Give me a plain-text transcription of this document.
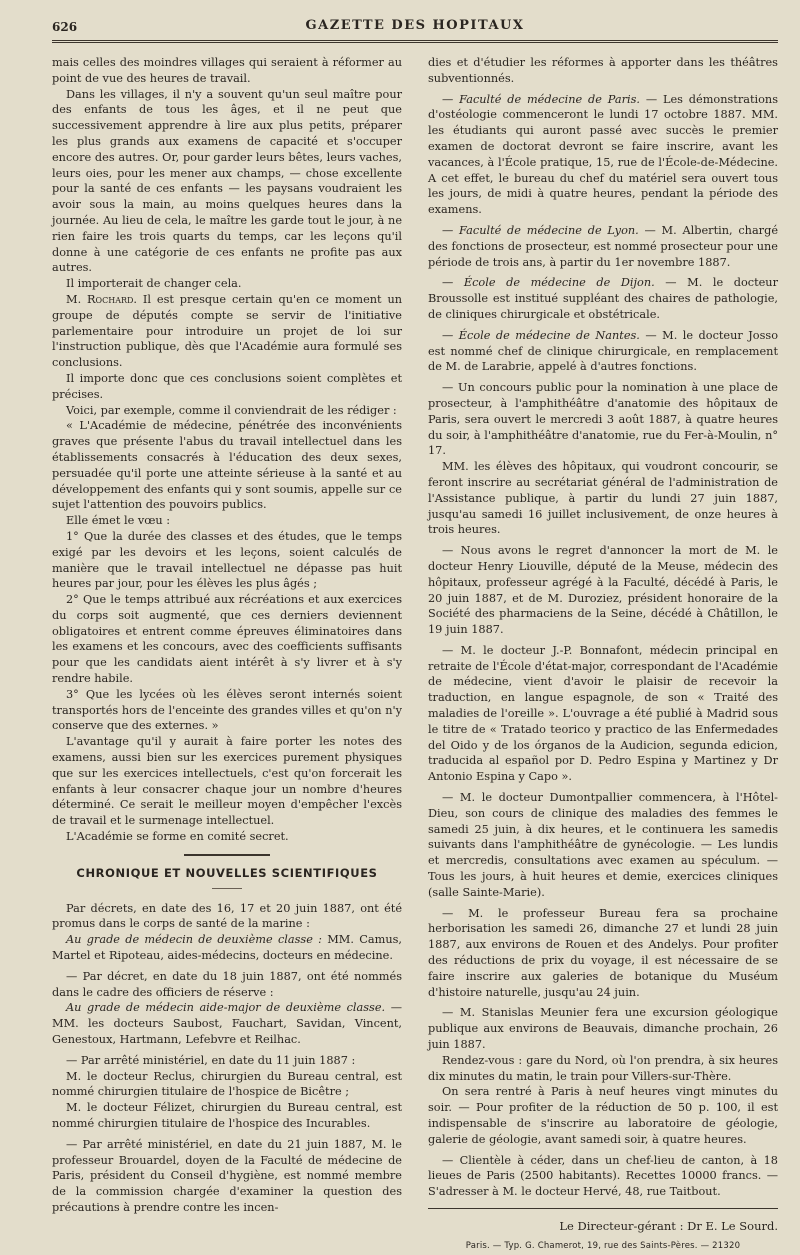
626	GAZETTE DES HOPITAUX

mais celles des moindres villages qui seraient à réformer au point de vue des heures de travail.

Dans les villages, il n'y a souvent qu'un seul maître pour des enfants de tous les âges, et il ne peut que successivement apprendre à lire aux plus petits, préparer les plus grands aux examens de capacité et s'occuper encore des autres. Or, pour garder leurs bêtes, leurs vaches, leurs oies, pour les mener aux champs, — chose excellente pour la santé de ces enfants — les paysans voudraient les avoir sous la main, au moins quelques heures dans la journée. Au lieu de cela, le maître les garde tout le jour, à ne rien faire les trois quarts du temps, car les leçons qu'il donne à une catégorie de ces enfants ne profite pas aux autres.

Il importerait de changer cela.

M. Rochard. Il est presque certain qu'en ce moment un groupe de députés compte se servir de l'initiative parlementaire pour introduire un projet de loi sur l'instruction publique, dès que l'Académie aura formulé ses conclusions.

Il importe donc que ces conclusions soient complètes et précises.

Voici, par exemple, comme il conviendrait de les rédiger :

« L'Académie de médecine, pénétrée des inconvénients graves que présente l'abus du travail intellectuel dans les établissements consacrés à l'éducation des deux sexes, persuadée qu'il porte une atteinte sérieuse à la santé et au développement des enfants qui y sont soumis, appelle sur ce sujet l'attention des pouvoirs publics.

Elle émet le vœu :

1° Que la durée des classes et des études, que le temps exigé par les devoirs et les leçons, soient calculés de manière que le travail intellectuel ne dépasse pas huit heures par jour, pour les élèves les plus âgés ;

2° Que le temps attribué aux récréations et aux exercices du corps soit augmenté, que ces derniers deviennent obligatoires et entrent comme épreuves éliminatoires dans les examens et les concours, avec des coefficients suffisants pour que les candidats aient intérêt à s'y livrer et à s'y rendre habile.

3° Que les lycées où les élèves seront internés soient transportés hors de l'enceinte des grandes villes et qu'on n'y conserve que des externes. »

L'avantage qu'il y aurait à faire porter les notes des examens, aussi bien sur les exercices purement physiques que sur les exercices intellectuels, c'est qu'on forcerait les enfants à leur consacrer chaque jour un nombre d'heures déterminé. Ce serait le meilleur moyen d'empêcher l'excès de travail et le surmenage intellectuel.

L'Académie se forme en comité secret.

CHRONIQUE ET NOUVELLES SCIENTIFIQUES

Par décrets, en date des 16, 17 et 20 juin 1887, ont été promus dans le corps de santé de la marine :

Au grade de médecin de deuxième classe : MM. Camus, Martel et Ripoteau, aides-médecins, docteurs en médecine.

— Par décret, en date du 18 juin 1887, ont été nommés dans le cadre des officiers de réserve :

Au grade de médecin aide-major de deuxième classe. — MM. les docteurs Saubost, Fauchart, Savidan, Vincent, Genestoux, Hartmann, Lefebvre et Reilhac.

— Par arrêté ministériel, en date du 11 juin 1887 :

M. le docteur Reclus, chirurgien du Bureau central, est nommé chirurgien titulaire de l'hospice de Bicêtre ;

M. le docteur Félizet, chirurgien du Bureau central, est nommé chirurgien titulaire de l'hospice des Incurables.

— Par arrêté ministériel, en date du 21 juin 1887, M. le professeur Brouardel, doyen de la Faculté de médecine de Paris, président du Conseil d'hygiène, est nommé membre de la commission chargée d'examiner la question des précautions à prendre contre les incen-

dies et d'étudier les réformes à apporter dans les théâtres subventionnés.

— Faculté de médecine de Paris. — Les démonstrations d'ostéologie commenceront le lundi 17 octobre 1887. MM. les étudiants qui auront passé avec succès le premier examen de doctorat devront se faire inscrire, avant les vacances, à l'École pratique, 15, rue de l'École-de-Médecine. A cet effet, le bureau du chef du matériel sera ouvert tous les jours, de midi à quatre heures, pendant la période des examens.

— Faculté de médecine de Lyon. — M. Albertin, chargé des fonctions de prosecteur, est nommé prosecteur pour une période de trois ans, à partir du 1er novembre 1887.

— École de médecine de Dijon. — M. le docteur Broussolle est institué suppléant des chaires de pathologie, de cliniques chirurgicale et obstétricale.

— École de médecine de Nantes. — M. le docteur Josso est nommé chef de clinique chirurgicale, en remplacement de M. de Larabrie, appelé à d'autres fonctions.

— Un concours public pour la nomination à une place de prosecteur, à l'amphithéâtre d'anatomie des hôpitaux de Paris, sera ouvert le mercredi 3 août 1887, à quatre heures du soir, à l'amphithéâtre d'anatomie, rue du Fer-à-Moulin, n° 17.

MM. les élèves des hôpitaux, qui voudront concourir, se feront inscrire au secrétariat général de l'administration de l'Assistance publique, à partir du lundi 27 juin 1887, jusqu'au samedi 16 juillet inclusivement, de onze heures à trois heures.

— Nous avons le regret d'annoncer la mort de M. le docteur Henry Liouville, député de la Meuse, médecin des hôpitaux, professeur agrégé à la Faculté, décédé à Paris, le 20 juin 1887, et de M. Duroziez, président honoraire de la Société des pharmaciens de la Seine, décédé à Châtillon, le 19 juin 1887.

— M. le docteur J.-P. Bonnafont, médecin principal en retraite de l'École d'état-major, correspondant de l'Académie de médecine, vient d'avoir le plaisir de recevoir la traduction, en langue espagnole, de son « Traité des maladies de l'oreille ». L'ouvrage a été publié à Madrid sous le titre de « Tratado teorico y practico de las Enfermedades del Oido y de los órganos de la Audicion, segunda edicion, traducida al español por D. Pedro Espina y Martinez y Dr Antonio Espina y Capo ».

— M. le docteur Dumontpallier commencera, à l'Hôtel-Dieu, son cours de clinique des maladies des femmes le samedi 25 juin, à dix heures, et le continuera les samedis suivants dans l'amphithéâtre de gynécologie. — Les lundis et mercredis, consultations avec examen au spéculum. — Tous les jours, à huit heures et demie, exercices cliniques (salle Sainte-Marie).

— M. le professeur Bureau fera sa prochaine herborisation les samedi 26, dimanche 27 et lundi 28 juin 1887, aux environs de Rouen et des Andelys. Pour profiter des réductions de prix du voyage, il est nécessaire de se faire inscrire aux galeries de botanique du Muséum d'histoire naturelle, jusqu'au 24 juin.

— M. Stanislas Meunier fera une excursion géologique publique aux environs de Beauvais, dimanche prochain, 26 juin 1887.

Rendez-vous : gare du Nord, où l'on prendra, à six heures dix minutes du matin, le train pour Villers-sur-Thère.

On sera rentré à Paris à neuf heures vingt minutes du soir. — Pour profiter de la réduction de 50 p. 100, il est indispensable de s'inscrire au laboratoire de géologie, galerie de géologie, avant samedi soir, à quatre heures.

— Clientèle à céder, dans un chef-lieu de canton, à 18 lieues de Paris (2500 habitants). Recettes 10000 francs. — S'adresser à M. le docteur Hervé, 48, rue Taitbout.

Le Directeur-gérant : Dr E. Le Sourd.
Paris. — Typ. G. Chamerot, 19, rue des Saints-Pères. — 21320
